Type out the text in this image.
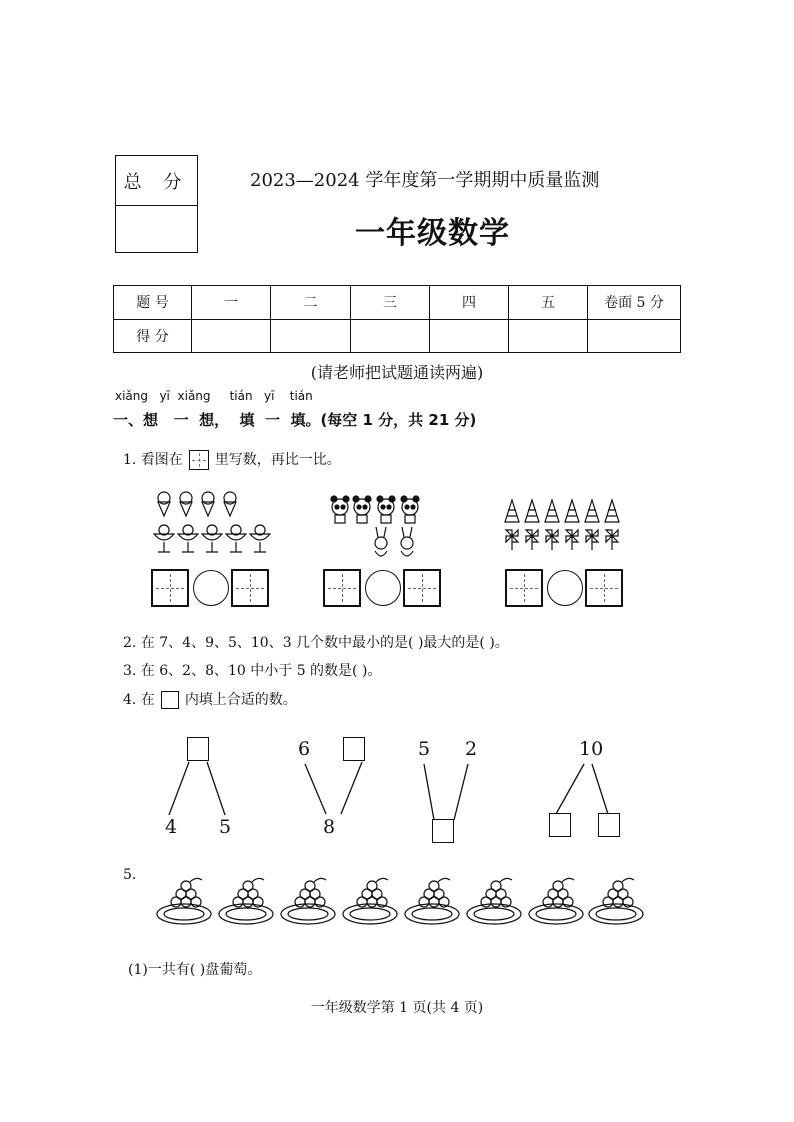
总 分	2023—2024 学年度第一学期期中质量监测
一年级数学
题 号	一	二	三	四	五	卷面 5 分
得 分						
(请老师把试题通读两遍)
xiǎng   yī  xiǎng     tián   yī    tián
一、想   一  想，  填  一  填。(每空 1 分，共 21 分)
1. 看图在 里写数，再比一比。
2. 在 7、4、9、5、10、3 几个数中最小的是( )最大的是( )。
3. 在 6、2、8、10 中小于 5 的数是( )。
4. 在 内填上合适的数。
4 5
6
8
5 2	10
5.
(1)一共有( )盘葡萄。
一年级数学第 1 页(共 4 页)
